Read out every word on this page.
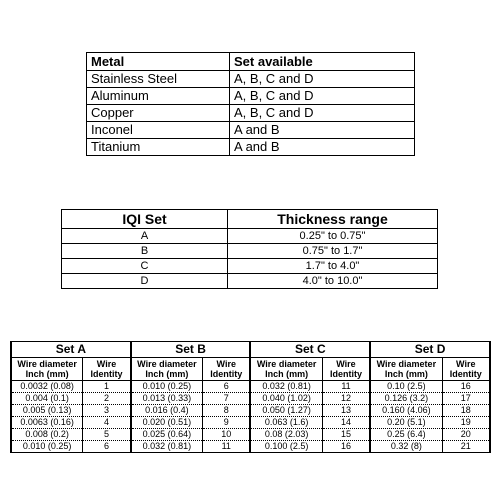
Metal	Set available
Stainless Steel	A, B, C and D
Aluminum	A, B, C and D
Copper	A, B, C and D
Inconel	A and B
Titanium	A and B
IQI Set	Thickness range
A	0.25" to 0.75"
B	0.75" to 1.7"
C	1.7" to 4.0"
D	4.0" to 10.0"
Set A		Set B		Set C		Set D	
Wire diameter Inch (mm)	Wire Identity	Wire diameter Inch (mm)	Wire Identity	Wire diameter Inch (mm)	Wire Identity	Wire diameter Inch (mm)	Wire Identity
0.0032 (0.08)	1	0.010 (0.25)	6	0.032 (0.81)	11	0.10 (2.5)	16
0.004 (0.1)	2	0.013 (0.33)	7	0.040 (1.02)	12	0.126 (3.2)	17
0.005 (0.13)	3	0.016 (0.4)	8	0.050 (1.27)	13	0.160 (4.06)	18
0.0063 (0.16)	4	0.020 (0.51)	9	0.063 (1.6)	14	0.20 (5.1)	19
0.008 (0.2)	5	0.025 (0.64)	10	0.08 (2.03)	15	0.25 (6.4)	20
0.010 (0.25)	6	0.032 (0.81)	11	0.100 (2.5)	16	0.32 (8)	21
